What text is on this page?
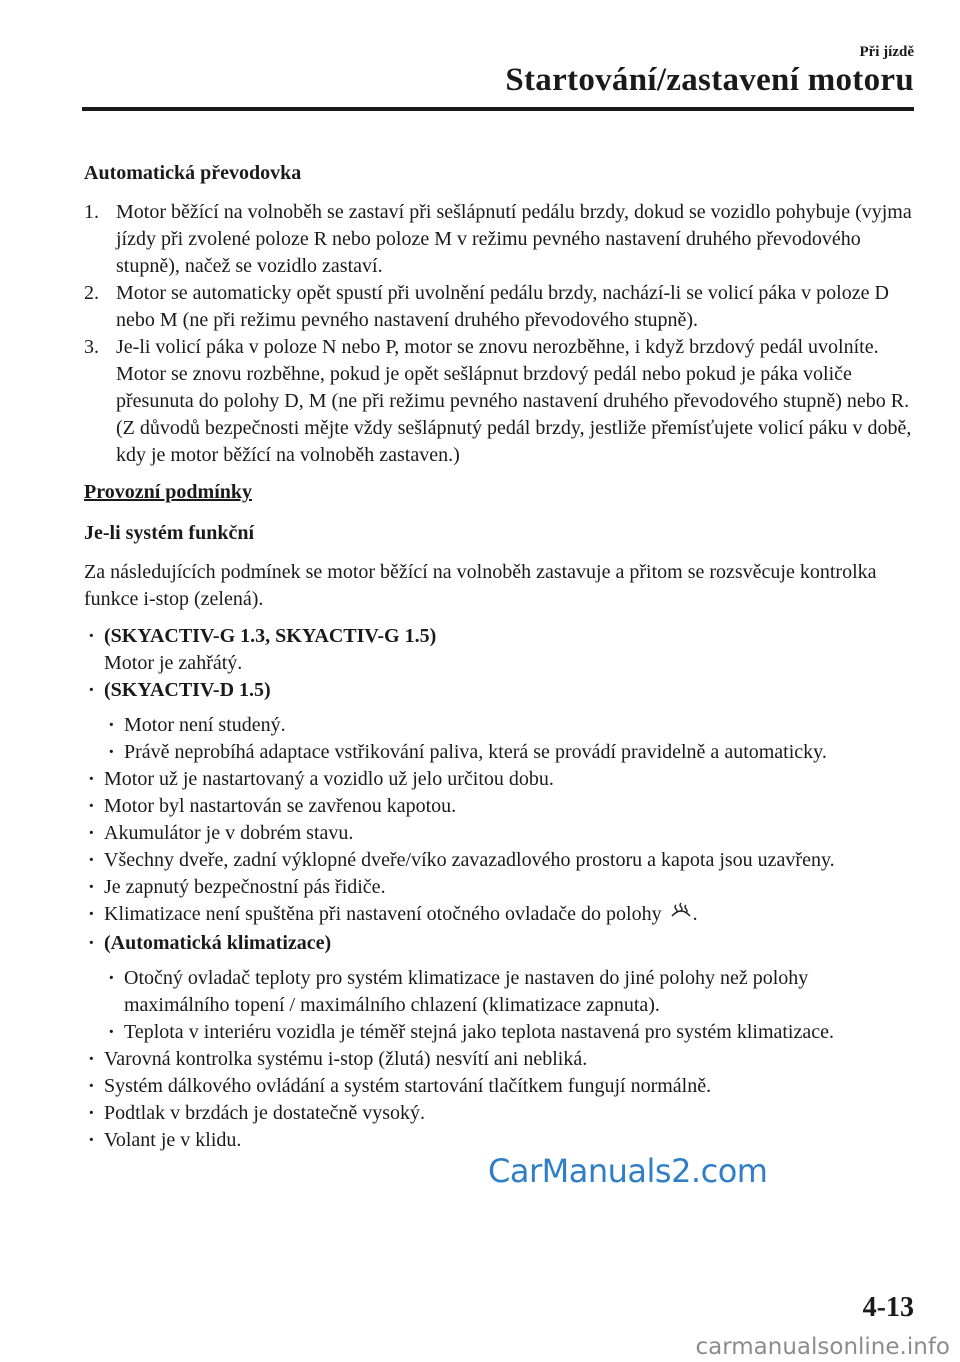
Při jízdě
Startování/zastavení motoru

Automatická převodovka

1. Motor běžící na volnoběh se zastaví při sešlápnutí pedálu brzdy, dokud se vozidlo pohybuje (vyjma jízdy při zvolené poloze R nebo poloze M v režimu pevného nastavení druhého převodového stupně), načež se vozidlo zastaví.
2. Motor se automaticky opět spustí při uvolnění pedálu brzdy, nachází-li se volicí páka v poloze D nebo M (ne při režimu pevného nastavení druhého převodového stupně).
3. Je-li volicí páka v poloze N nebo P, motor se znovu nerozběhne, i když brzdový pedál uvolníte. Motor se znovu rozběhne, pokud je opět sešlápnut brzdový pedál nebo pokud je páka voliče přesunuta do polohy D, M (ne při režimu pevného nastavení druhého převodového stupně) nebo R. (Z důvodů bezpečnosti mějte vždy sešlápnutý pedál brzdy, jestliže přemísťujete volicí páku v době, kdy je motor běžící na volnoběh zastaven.)

Provozní podmínky

Je-li systém funkční

Za následujících podmínek se motor běžící na volnoběh zastavuje a přitom se rozsvěcuje kontrolka funkce i-stop (zelená).

· (SKYACTIV-G 1.3, SKYACTIV-G 1.5)
Motor je zahřátý.
· (SKYACTIV-D 1.5)
· Motor není studený.
· Právě neprobíhá adaptace vstřikování paliva, která se provádí pravidelně a automaticky.
· Motor už je nastartovaný a vozidlo už jelo určitou dobu.
· Motor byl nastartován se zavřenou kapotou.
· Akumulátor je v dobrém stavu.
· Všechny dveře, zadní výklopné dveře/víko zavazadlového prostoru a kapota jsou uzavřeny.
· Je zapnutý bezpečnostní pás řidiče.
· Klimatizace není spuštěna při nastavení otočného ovladače do polohy .
· (Automatická klimatizace)
· Otočný ovladač teploty pro systém klimatizace je nastaven do jiné polohy než polohy maximálního topení / maximálního chlazení (klimatizace zapnuta).
· Teplota v interiéru vozidla je téměř stejná jako teplota nastavená pro systém klimatizace.
· Varovná kontrolka systému i-stop (žlutá) nesvítí ani nebliká.
· Systém dálkového ovládání a systém startování tlačítkem fungují normálně.
· Podtlak v brzdách je dostatečně vysoký.
· Volant je v klidu.
CarManuals2.com
4-13
carmanualsonline.info
